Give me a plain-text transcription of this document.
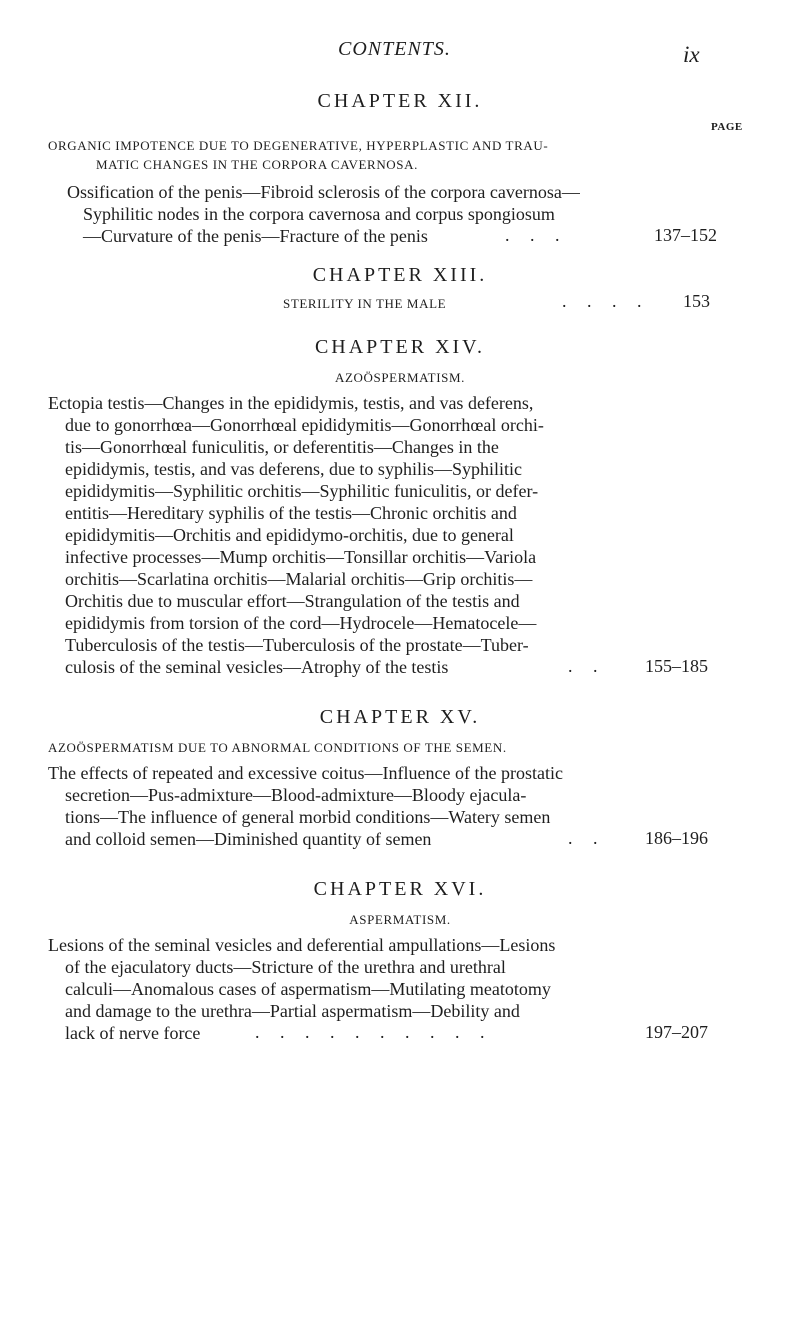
CONTENTS.	ix
CHAPTER XII.
PAGE
ORGANIC IMPOTENCE DUE TO DEGENERATIVE, HYPERPLASTIC AND TRAU-
MATIC CHANGES IN THE CORPORA CAVERNOSA.
Ossification of the penis—Fibroid sclerosis of the corpora cavernosa—
Syphilitic nodes in the corpora cavernosa and corpus spongiosum
—Curvature of the penis—Fracture of the penis	. . .	137–152
CHAPTER XIII.
STERILITY IN THE MALE	. . . . 153
CHAPTER XIV.
AZOÖSPERMATISM.
Ectopia testis—Changes in the epididymis, testis, and vas deferens,
due to gonorrhœa—Gonorrhœal epididymitis—Gonorrhœal orchi-
tis—Gonorrhœal funiculitis, or deferentitis—Changes in the
epididymis, testis, and vas deferens, due to syphilis—Syphilitic
epididymitis—Syphilitic orchitis—Syphilitic funiculitis, or defer-
entitis—Hereditary syphilis of the testis—Chronic orchitis and
epididymitis—Orchitis and epididymo-orchitis, due to general
infective processes—Mump orchitis—Tonsillar orchitis—Variola
orchitis—Scarlatina orchitis—Malarial orchitis—Grip orchitis—
Orchitis due to muscular effort—Strangulation of the testis and
epididymis from torsion of the cord—Hydrocele—Hematocele—
Tuberculosis of the testis—Tuberculosis of the prostate—Tuber-
culosis of the seminal vesicles—Atrophy of the testis	. . 155–185
CHAPTER XV.
AZOÖSPERMATISM DUE TO ABNORMAL CONDITIONS OF THE SEMEN.
The effects of repeated and excessive coitus—Influence of the prostatic
secretion—Pus-admixture—Blood-admixture—Bloody ejacula-
tions—The influence of general morbid conditions—Watery semen
and colloid semen—Diminished quantity of semen	. . 186–196
CHAPTER XVI.
ASPERMATISM.
Lesions of the seminal vesicles and deferential ampullations—Lesions
of the ejaculatory ducts—Stricture of the urethra and urethral
calculi—Anomalous cases of aspermatism—Mutilating meatotomy
and damage to the urethra—Partial aspermatism—Debility and
lack of nerve force	. . . . . . . . . .	197–207
